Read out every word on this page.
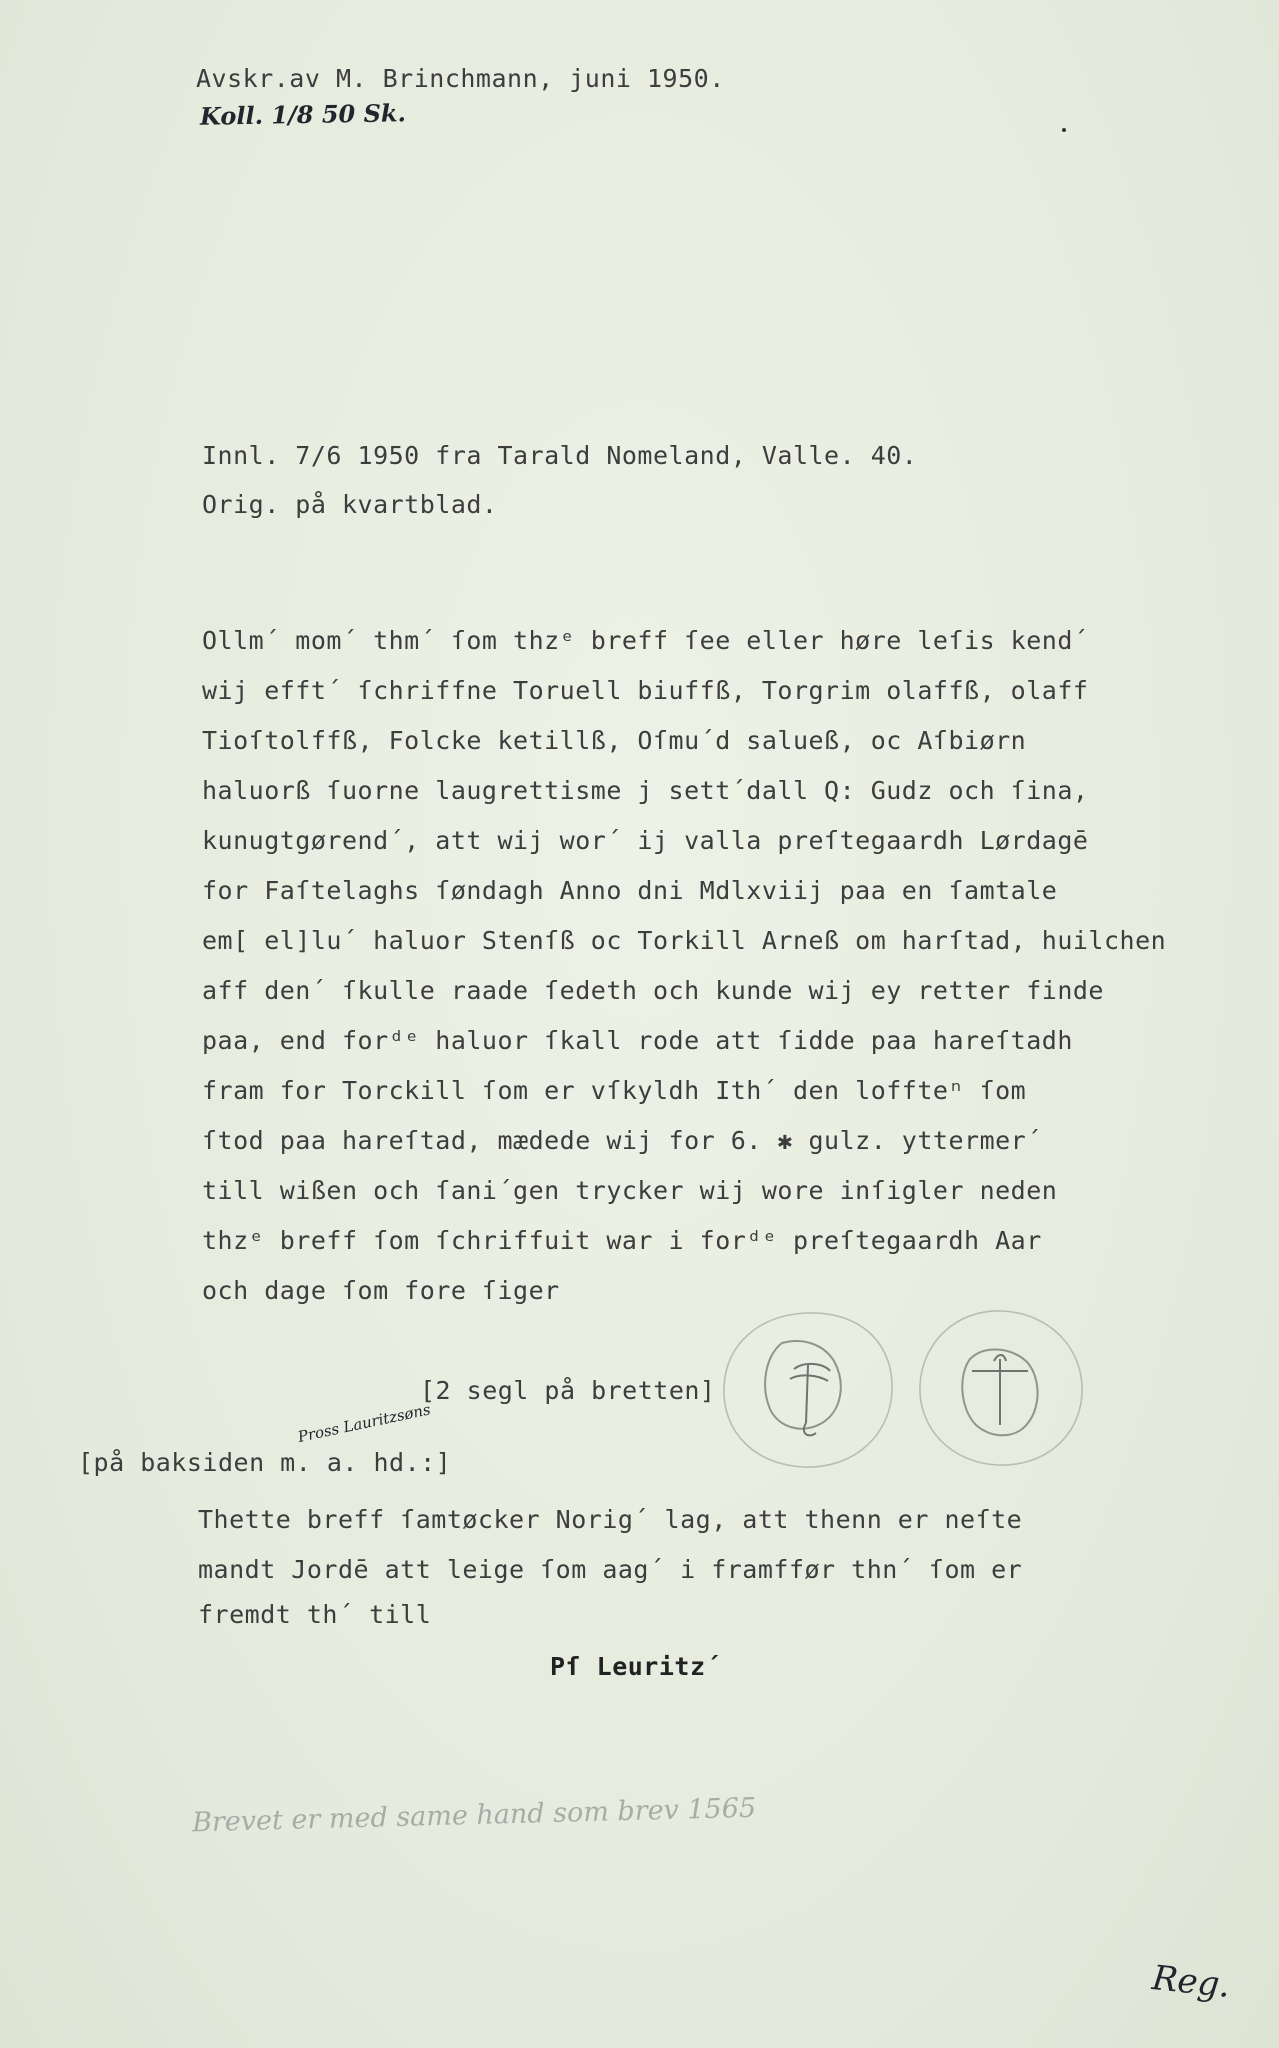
Avskr.av M. Brinchmann, juni 1950.
Koll. 1/8 50 Sk.
Innl. 7/6 1950 fra Tarald Nomeland, Valle. 40.
Orig. på kvartblad.
Ollm´ mom´ thm´ ſom thzᵉ breff ſee eller høre leſis kend´
wij efft´ ſchriffne Toruell biuffß, Torgrim olaffß, olaff
Tioſtolffß, Folcke ketillß, Oſmu´d saluеß, oc Aſbiørn
haluorß ſuorne laugrettisme j sett´dall Q: Gudz och ſina,
kunugtgørend´, att wij wor´ ij valla preſtegaardh Lørdagē
for Faſtelaghs ſøndagh Anno dni Mdlxviij paa en ſamtale
em[ el]lu´ haluor Stenſß oc Torkill Arneß om harſtad, huilchen
aff den´ ſkulle raade ſedeth och kunde wij ey retter finde
paa, end forᵈᵉ haluor ſkall rode att ſidde paa hareſtadh
fram for Torckill ſom er vſkyldh Ith´ den loffteⁿ ſom
ſtod paa hareſtad, mædede wij for 6. ✱ gulz. yttermer´
till wißen och ſani´gen trycker wij wore inſigler neden
thzᵉ breff ſom ſchriffuit war i forᵈᵉ preſtegaardh Aar
och dage ſom fore ſiger
[2 segl på bretten]
[på baksiden m. a. hd.:]
Pross Lauritzsøns
Thette breff ſamtøcker Norig´ lag, att thenn er neſte
mandt Jordē att leige ſom aag´ i framffør thn´ ſom er
fremdt th´ till
Pſ Leuritz´
Brevet er med same hand som brev 1565
Reg.
